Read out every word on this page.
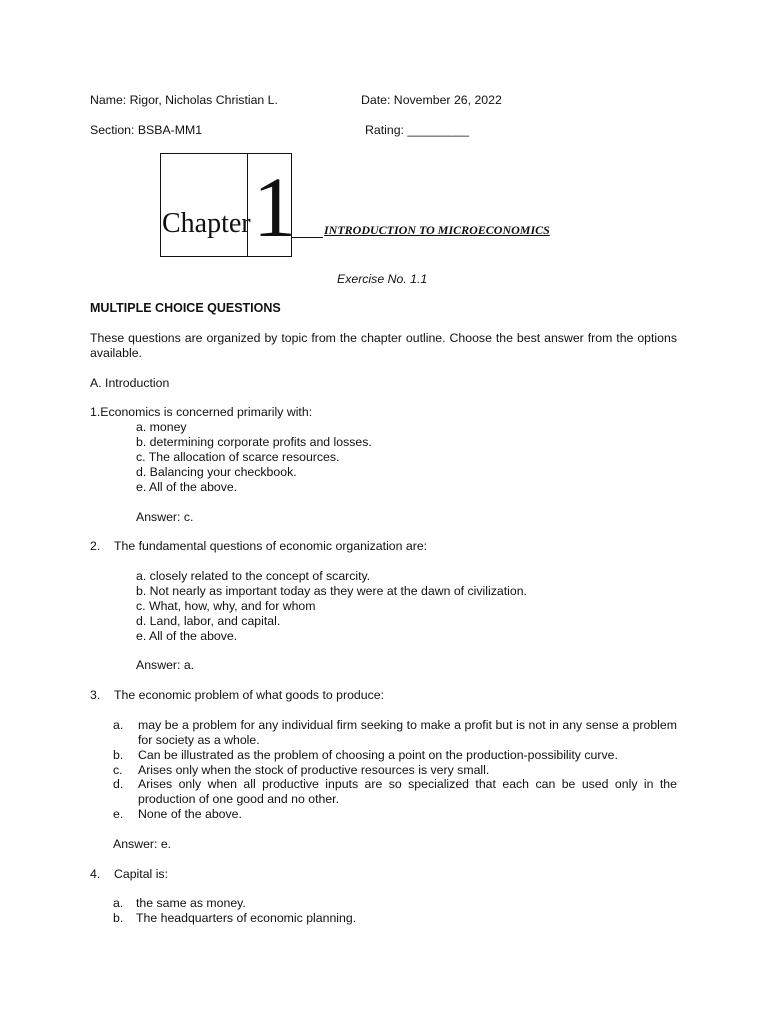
Name: Rigor, Nicholas Christian L.	Date: November 26, 2022
Section: BSBA-MM1	Rating: _________
Chapter 1 INTRODUCTION TO MICROECONOMICS
Exercise No. 1.1
MULTIPLE CHOICE QUESTIONS
These questions are organized by topic from the chapter outline. Choose the best answer from the options available.
A. Introduction
1.Economics is concerned primarily with:
a. money
b. determining corporate profits and losses.
c. The allocation of scarce resources.
d. Balancing your checkbook.
e. All of the above.
Answer: c.
2. The fundamental questions of economic organization are:
a. closely related to the concept of scarcity.
b. Not nearly as important today as they were at the dawn of civilization.
c. What, how, why, and for whom
d. Land, labor, and capital.
e. All of the above.
Answer: a.
3. The economic problem of what goods to produce:
a. may be a problem for any individual firm seeking to make a profit but is not in any sense a problem for society as a whole.
b. Can be illustrated as the problem of choosing a point on the production-possibility curve.
c. Arises only when the stock of productive resources is very small.
d. Arises only when all productive inputs are so specialized that each can be used only in the production of one good and no other.
e. None of the above.
Answer: e.
4. Capital is:
a. the same as money.
b. The headquarters of economic planning.
